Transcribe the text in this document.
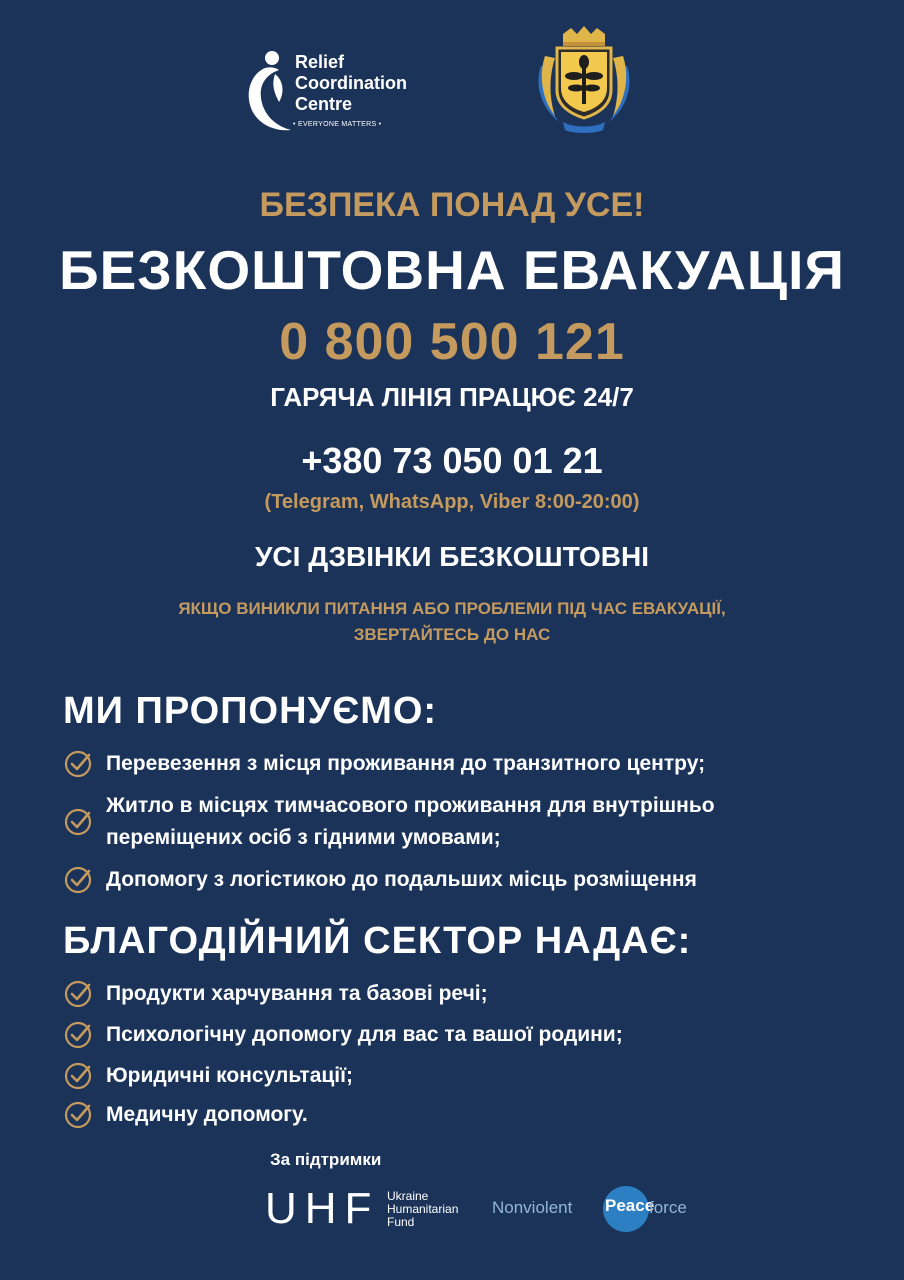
Relief
Coordination
Centre
• EVERYONE MATTERS •
БЕЗПЕКА ПОНАД УСЕ!
БЕЗКОШТОВНА ЕВАКУАЦІЯ
0 800 500 121
ГАРЯЧА ЛІНІЯ ПРАЦЮЄ 24/7
+380 73 050 01 21
(Telegram, WhatsApp, Viber 8:00-20:00)
УСІ ДЗВІНКИ БЕЗКОШТОВНІ
ЯКЩО ВИНИКЛИ ПИТАННЯ АБО ПРОБЛЕМИ ПІД ЧАС ЕВАКУАЦІЇ,
ЗВЕРТАЙТЕСЬ ДО НАС
МИ ПРОПОНУЄМО:
Перевезення з місця проживання до транзитного центру;
Житло в місцях тимчасового проживання для внутрішньо
переміщених осіб з гідними умовами;
Допомогу з логістикою до подальших місць розміщення
БЛАГОДІЙНИЙ СЕКТОР НАДАЄ:
Продукти харчування та базові речі;
Психологічну допомогу для вас та вашої родини;
Юридичні консультації;
Медичну допомогу.
За підтримки
UHF Ukraine
Humanitarian
Fund
Nonviolent Peace
force
